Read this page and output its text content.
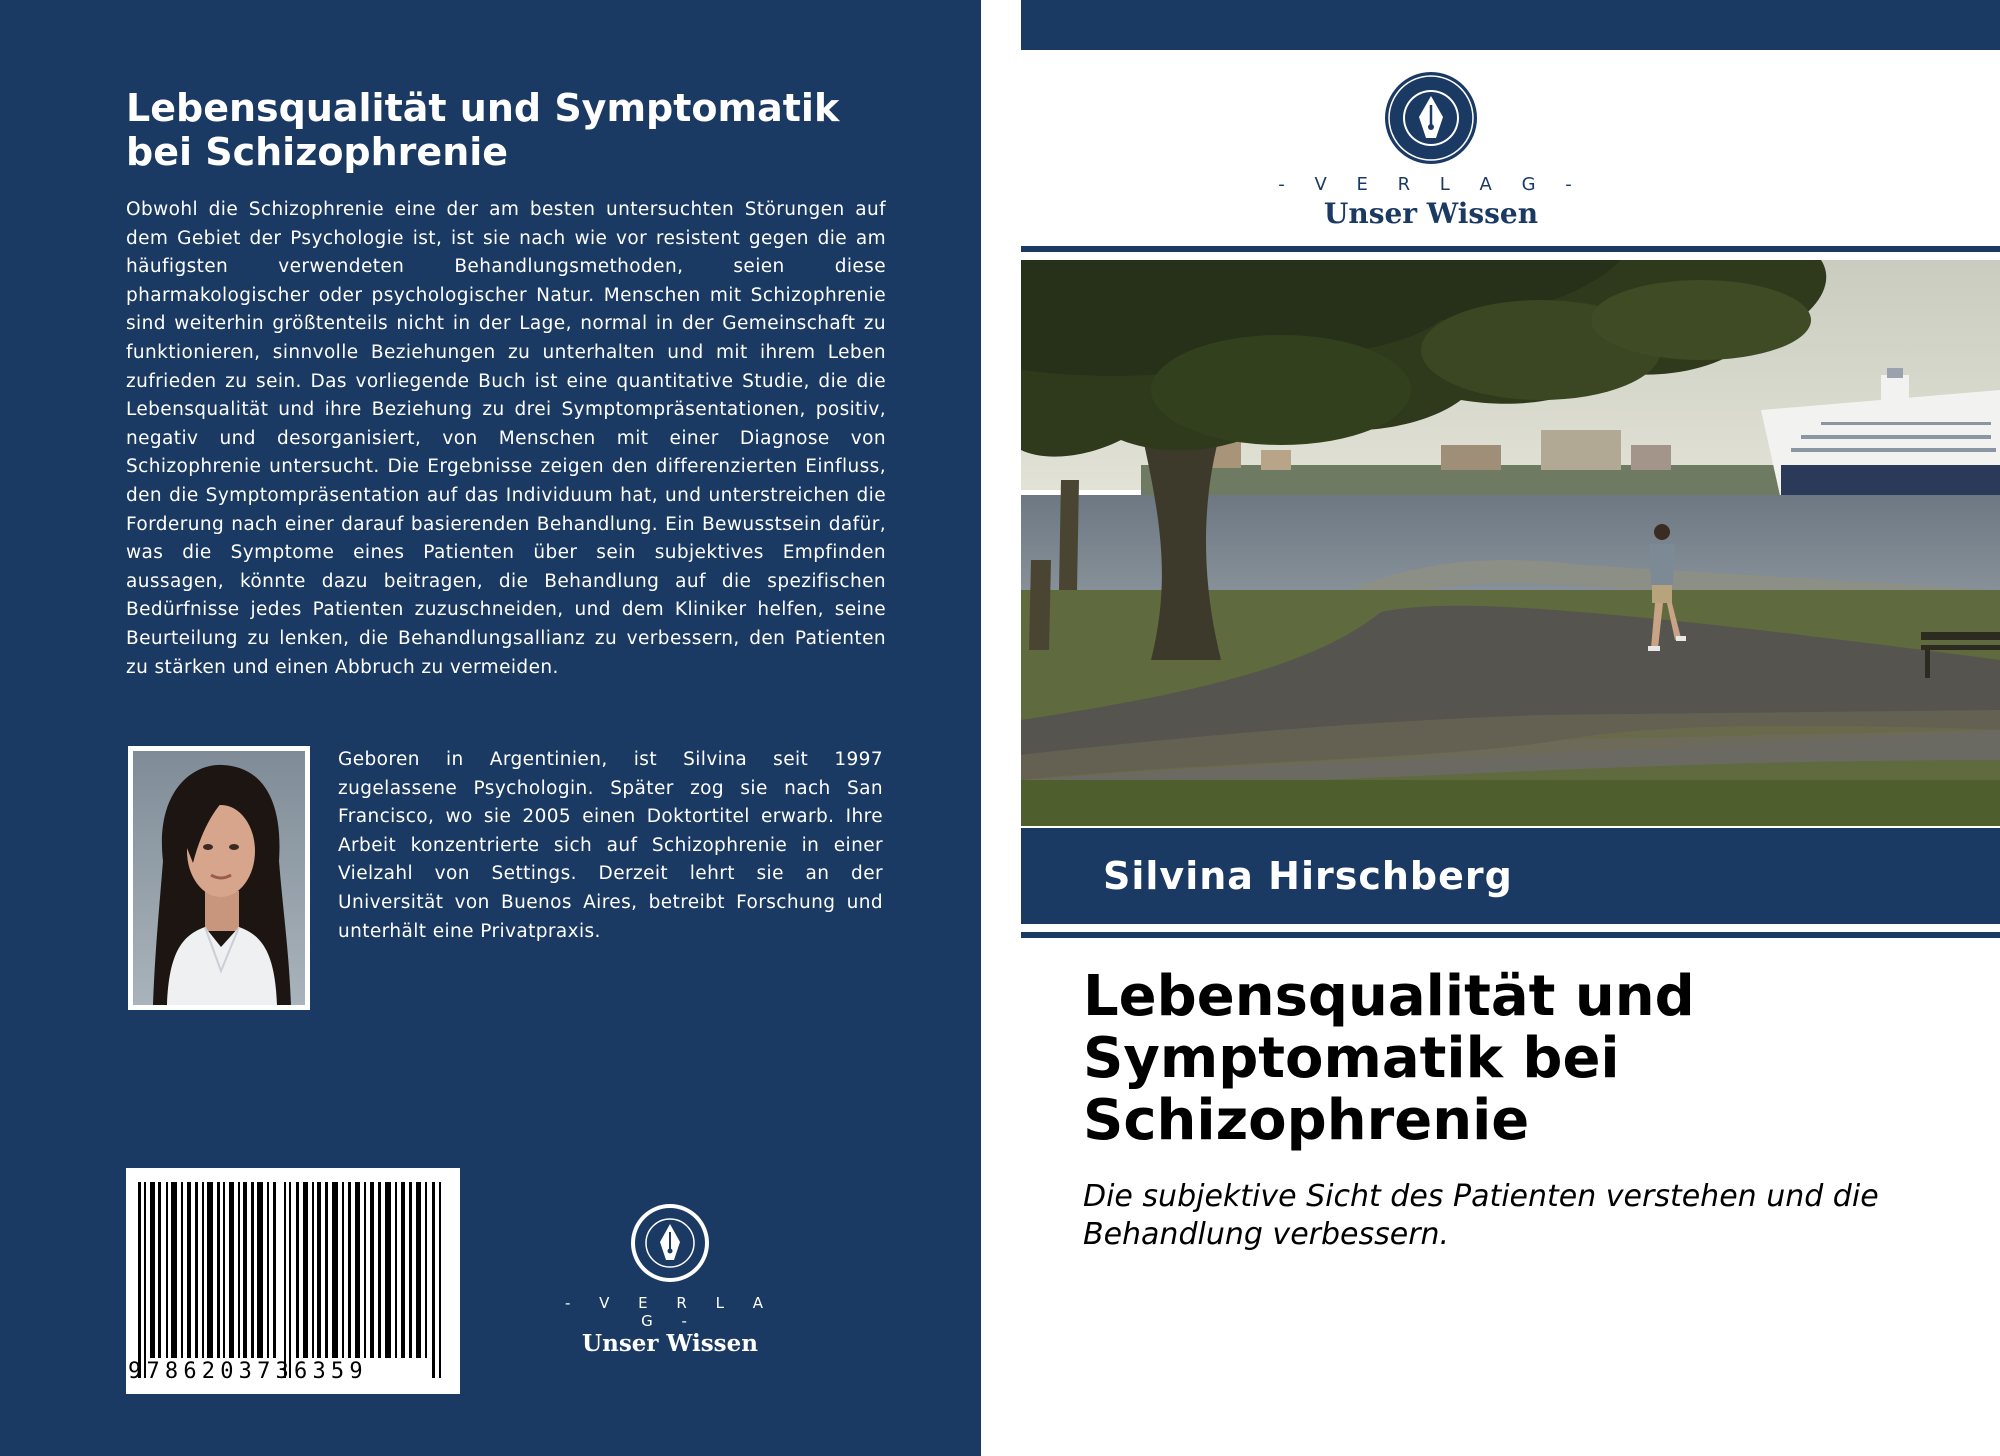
Lebensqualität und Symptomatik bei Schizophrenie

Obwohl die Schizophrenie eine der am besten untersuchten Störungen auf dem Gebiet der Psychologie ist, ist sie nach wie vor resistent gegen die am häufigsten verwendeten Behandlungsmethoden, seien diese pharmakologischer oder psychologischer Natur. Menschen mit Schizophrenie sind weiterhin größtenteils nicht in der Lage, normal in der Gemeinschaft zu funktionieren, sinnvolle Beziehungen zu unterhalten und mit ihrem Leben zufrieden zu sein. Das vorliegende Buch ist eine quantitative Studie, die die Lebensqualität und ihre Beziehung zu drei Symptompräsentationen, positiv, negativ und desorganisiert, von Menschen mit einer Diagnose von Schizophrenie untersucht. Die Ergebnisse zeigen den differenzierten Einfluss, den die Symptompräsentation auf das Individuum hat, und unterstreichen die Forderung nach einer darauf basierenden Behandlung. Ein Bewusstsein dafür, was die Symptome eines Patienten über sein subjektives Empfinden aussagen, könnte dazu beitragen, die Behandlung auf die spezifischen Bedürfnisse jedes Patienten zuzuschneiden, und dem Kliniker helfen, seine Beurteilung zu lenken, die Behandlungsallianz zu verbessern, den Patienten zu stärken und einen Abbruch zu vermeiden.

Geboren in Argentinien, ist Silvina seit 1997 zugelassene Psychologin. Später zog sie nach San Francisco, wo sie 2005 einen Doktortitel erwarb. Ihre Arbeit konzentrierte sich auf Schizophrenie in einer Vielzahl von Settings. Derzeit lehrt sie an der Universität von Buenos Aires, betreibt Forschung und unterhält eine Privatpraxis.

9786203736359
- V E R L A G -
Unser Wissen
- V E R L A G -
Unser Wissen

Silvina Hirschberg

Lebensqualität und Symptomatik bei Schizophrenie

Die subjektive Sicht des Patienten verstehen und die Behandlung verbessern.
